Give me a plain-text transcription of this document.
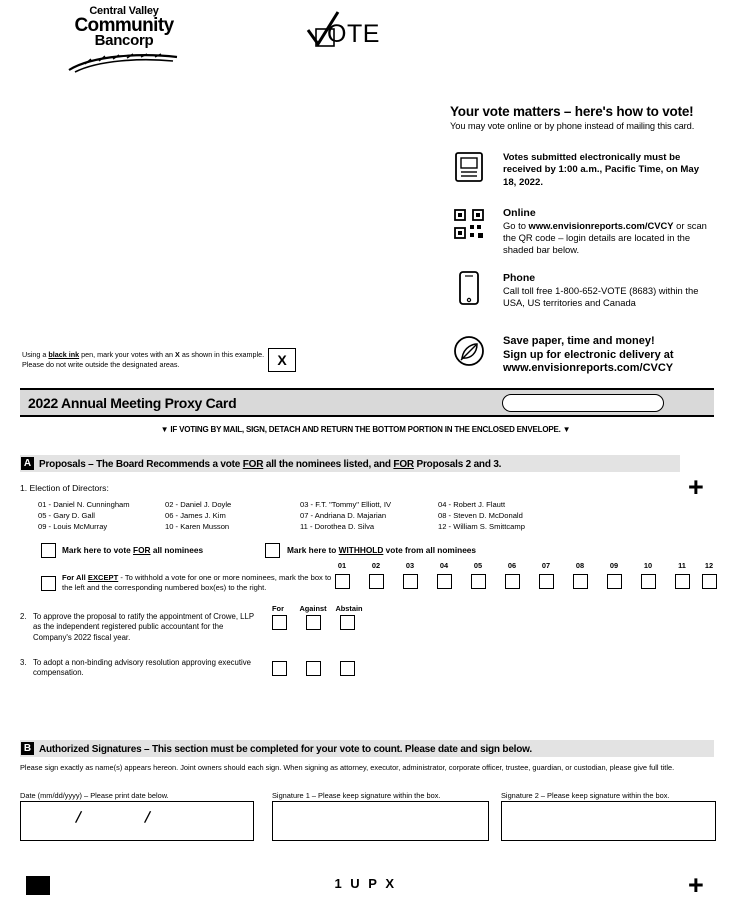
Central Valley
Community
Bancorp	OTE
Your vote matters – here's how to vote!
You may vote online or by phone instead of mailing this card.
Votes submitted electronically must be received by 1:00 a.m., Pacific Time, on May 18, 2022.
Online
Go to www.envisionreports.com/CVCY or scan the QR code – login details are located in the shaded bar below.
Phone
Call toll free 1-800-652-VOTE (8683) within the USA, US territories and Canada
Save paper, time and money!
Sign up for electronic delivery at
www.envisionreports.com/CVCY
Using a black ink pen, mark your votes with an X as shown in this example.
Please do not write outside the designated areas.	X
2022 Annual Meeting Proxy Card
▼ IF VOTING BY MAIL, SIGN, DETACH AND RETURN THE BOTTOM PORTION IN THE ENCLOSED ENVELOPE. ▼
A Proposals – The Board Recommends a vote FOR all the nominees listed, and FOR Proposals 2 and 3.
1. Election of Directors:
01 - Daniel N. Cunningham	02 - Daniel J. Doyle	03 - F.T. "Tommy" Elliott, IV	04 - Robert J. Flautt
05 - Gary D. Gall	06 - James J. Kim	07 - Andriana D. Majarian	08 - Steven D. McDonald
09 - Louis McMurray	10 - Karen Musson	11 - Dorothea D. Silva	12 - William S. Smittcamp
Mark here to vote FOR all nominees	Mark here to WITHHOLD vote from all nominees
For All EXCEPT - To withhold a vote for one or more nominees, mark the box to the left and the corresponding numbered box(es) to the right.
01	02	03	04	05	06	07	08	09	10	11	12
2. To approve the proposal to ratify the appointment of Crowe, LLP as the independent registered public accountant for the Company's 2022 fiscal year.
For	Against	Abstain
3. To adopt a non-binding advisory resolution approving executive compensation.
B Authorized Signatures – This section must be completed for your vote to count. Please date and sign below.
Please sign exactly as name(s) appears hereon. Joint owners should each sign. When signing as attorney, executor, administrator, corporate officer, trustee, guardian, or custodian, please give full title.
Date (mm/dd/yyyy) – Please print date below.	Signature 1 – Please keep signature within the box.	Signature 2 – Please keep signature within the box.
/	/
1 U P X
+
+
